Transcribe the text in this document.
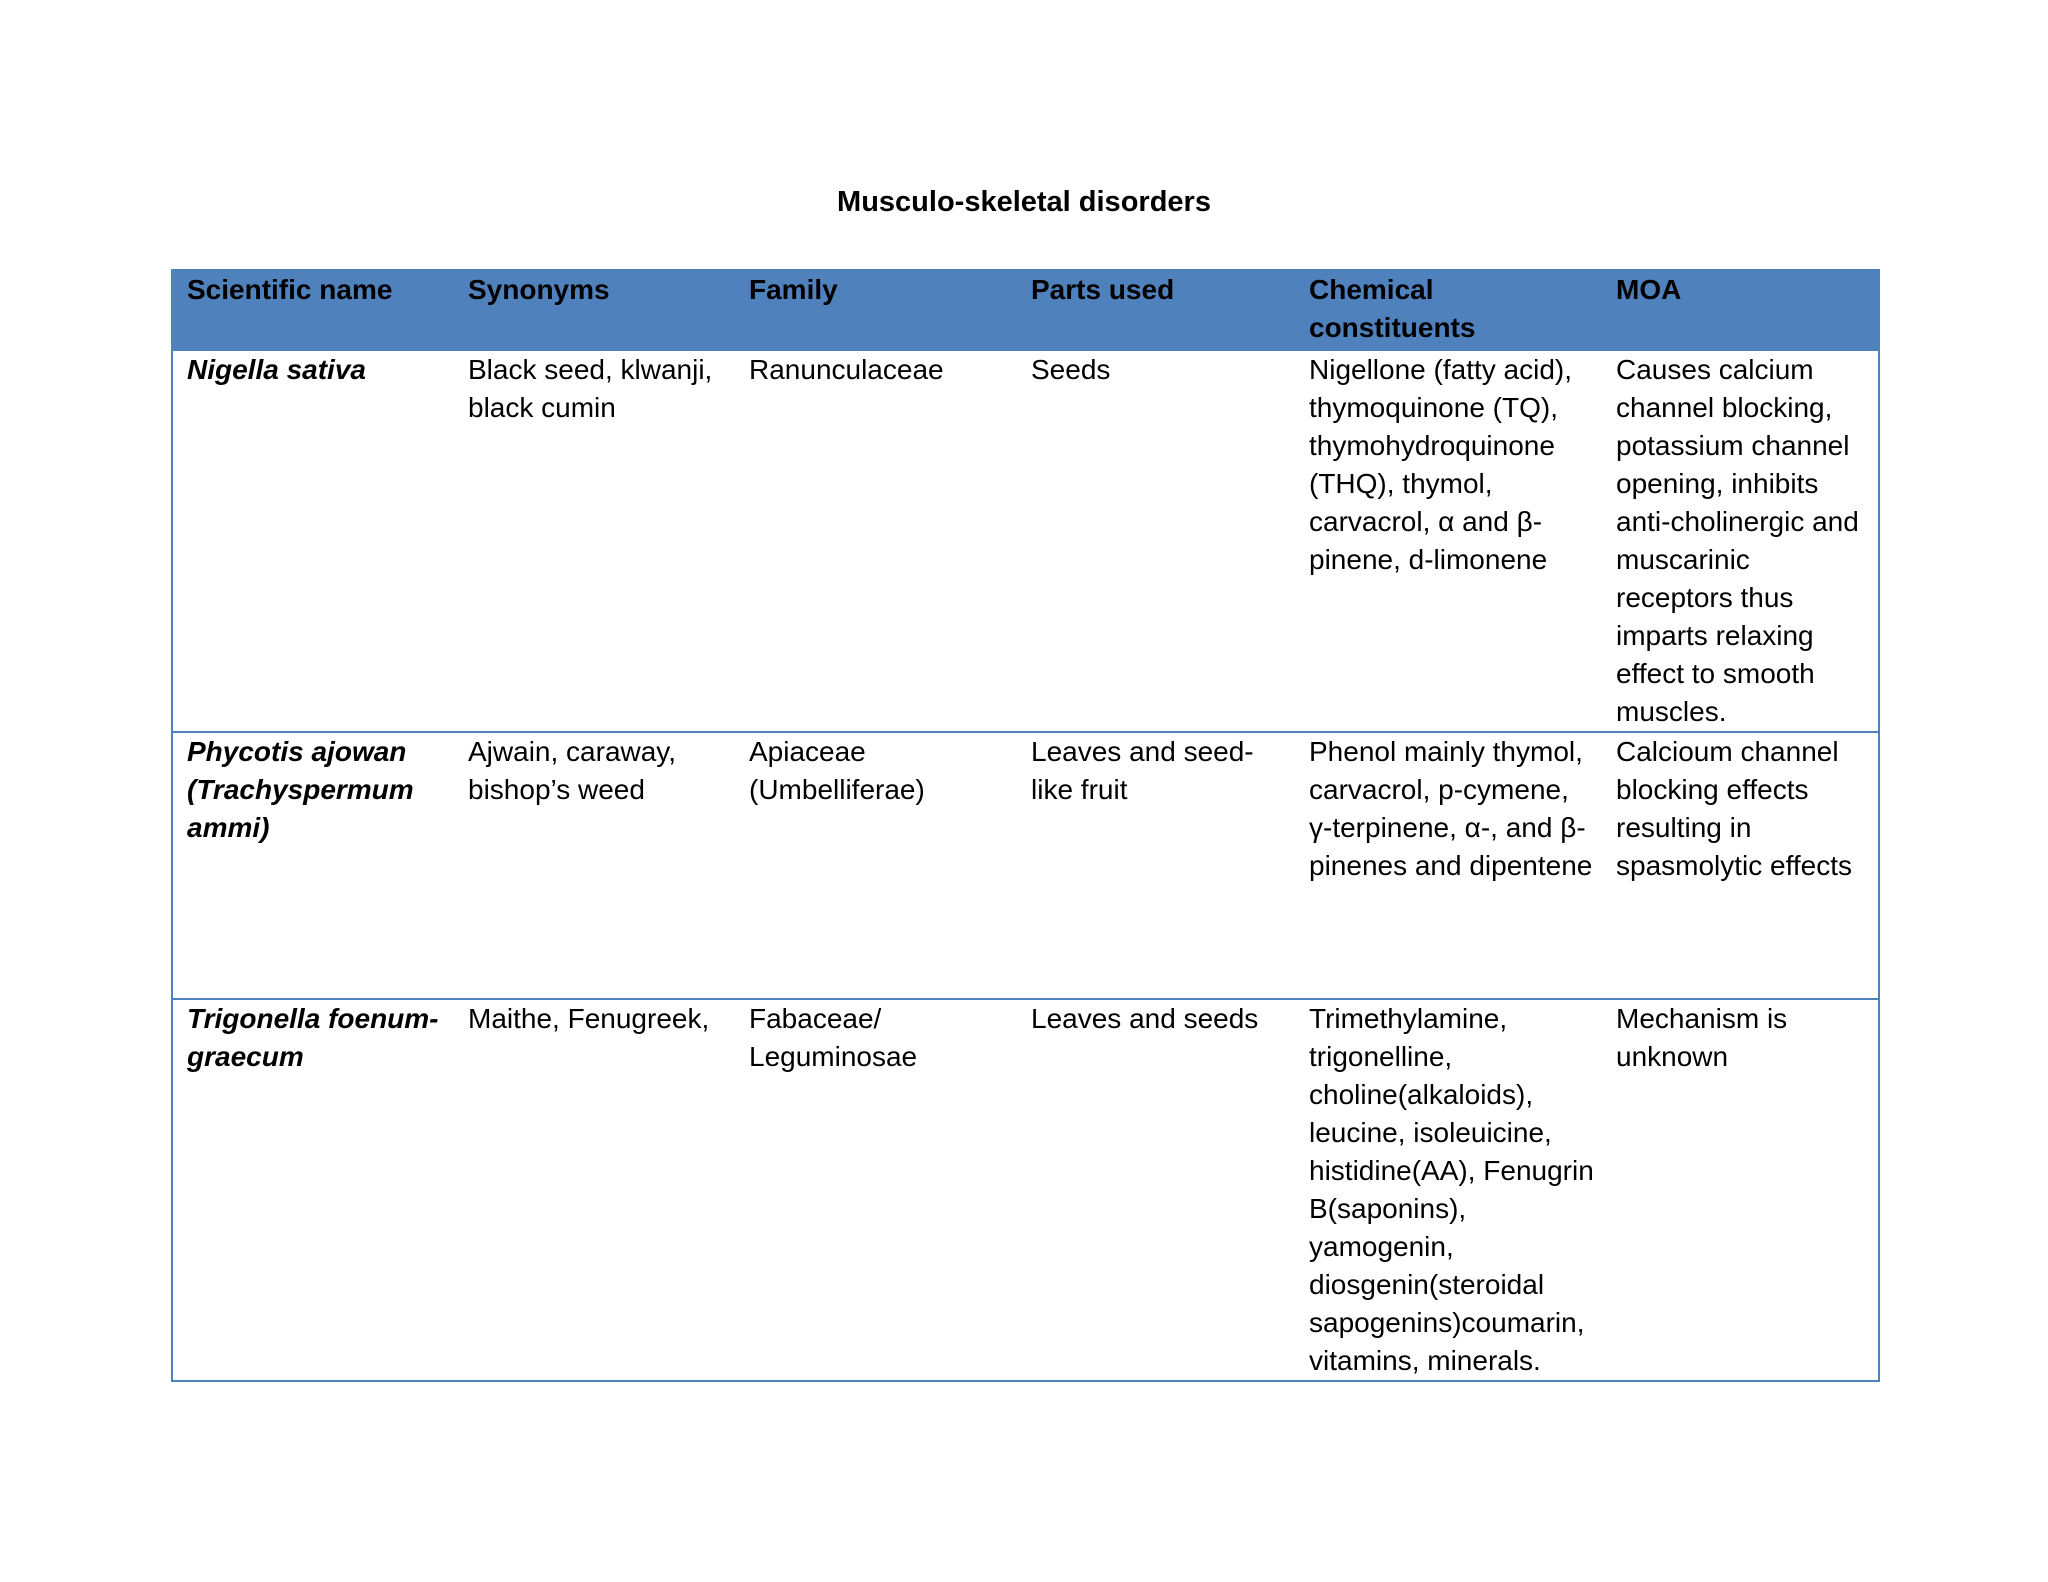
Musculo-skeletal disorders
Scientific name	Synonyms	Family	Parts used	Chemical constituents	MOA
Nigella sativa	Black seed, klwanji, black cumin	Ranunculaceae	Seeds	Nigellone (fatty acid), thymoquinone (TQ), thymohydroquinone (THQ), thymol, carvacrol, α and β-pinene, d-limonene	Causes calcium channel blocking, potassium channel opening, inhibits anti-cholinergic and muscarinic receptors thus imparts relaxing effect to smooth muscles.
Phycotis ajowan (Trachyspermum ammi)	Ajwain, caraway, bishop’s weed	Apiaceae (Umbelliferae)	Leaves and seed-like fruit	Phenol mainly thymol, carvacrol, p-cymene, γ-terpinene, α-, and β-pinenes and dipentene	Calcioum channel blocking effects resulting in spasmolytic effects
Trigonella foenum-graecum	Maithe, Fenugreek,	Fabaceae/ Leguminosae	Leaves and seeds	Trimethylamine, trigonelline, choline(alkaloids), leucine, isoleuicine, histidine(AA), Fenugrin B(saponins), yamogenin, diosgenin(steroidal sapogenins)coumarin, vitamins, minerals.	Mechanism is unknown
